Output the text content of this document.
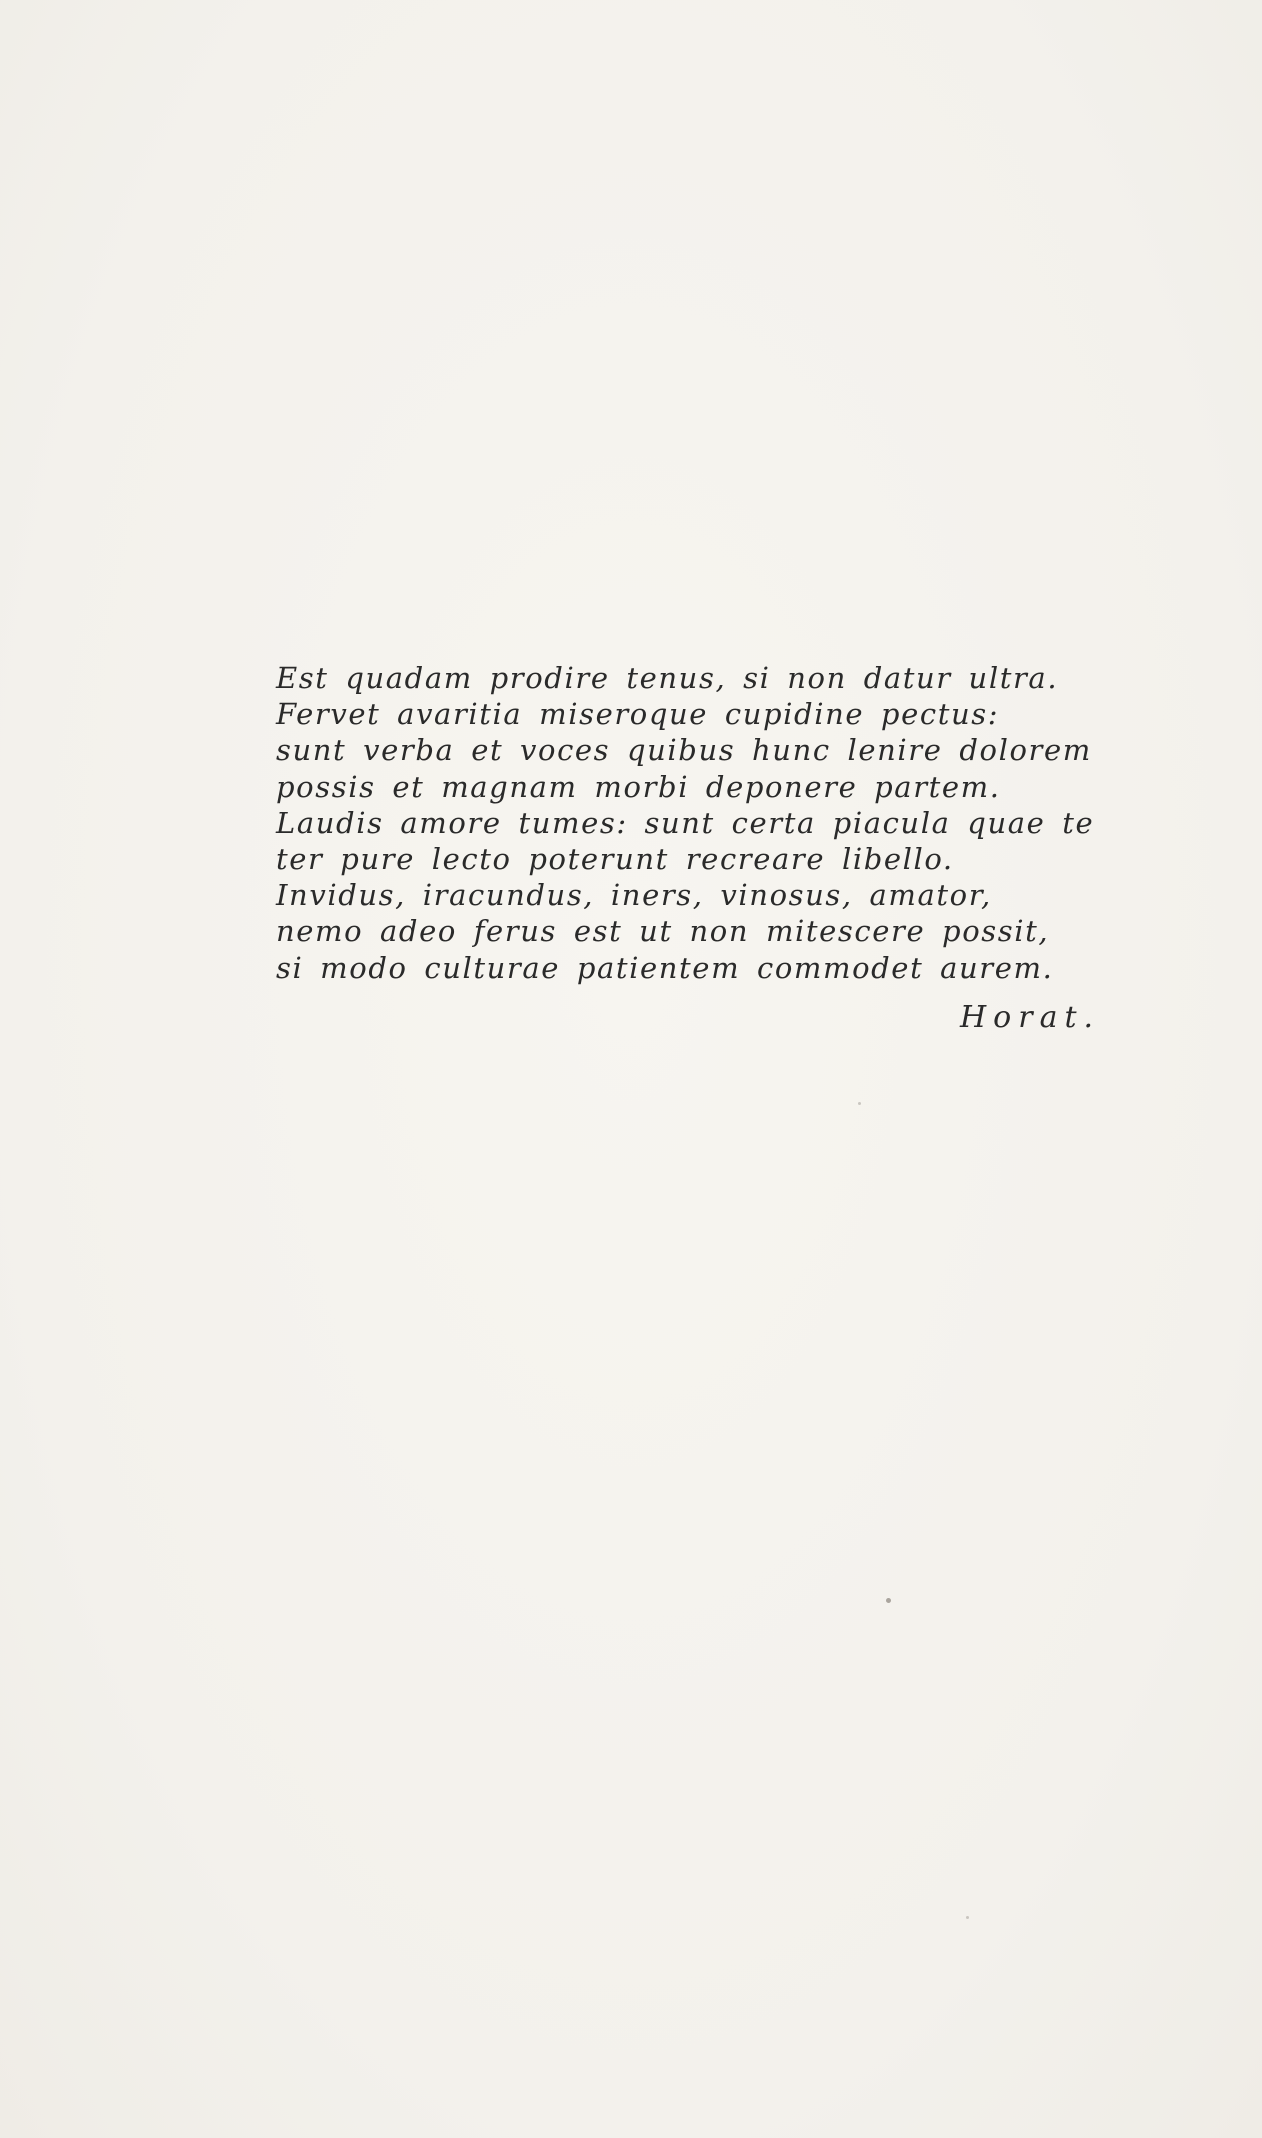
Est quadam prodire tenus, si non datur ultra.
Fervet avaritia miseroque cupidine pectus:
sunt verba et voces quibus hunc lenire dolorem
possis et magnam morbi deponere partem.
Laudis amore tumes: sunt certa piacula quae te
ter pure lecto poterunt recreare libello.
Invidus, iracundus, iners, vinosus, amator,
nemo adeo ferus est ut non mitescere possit,
si modo culturae patientem commodet aurem.
Horat.
